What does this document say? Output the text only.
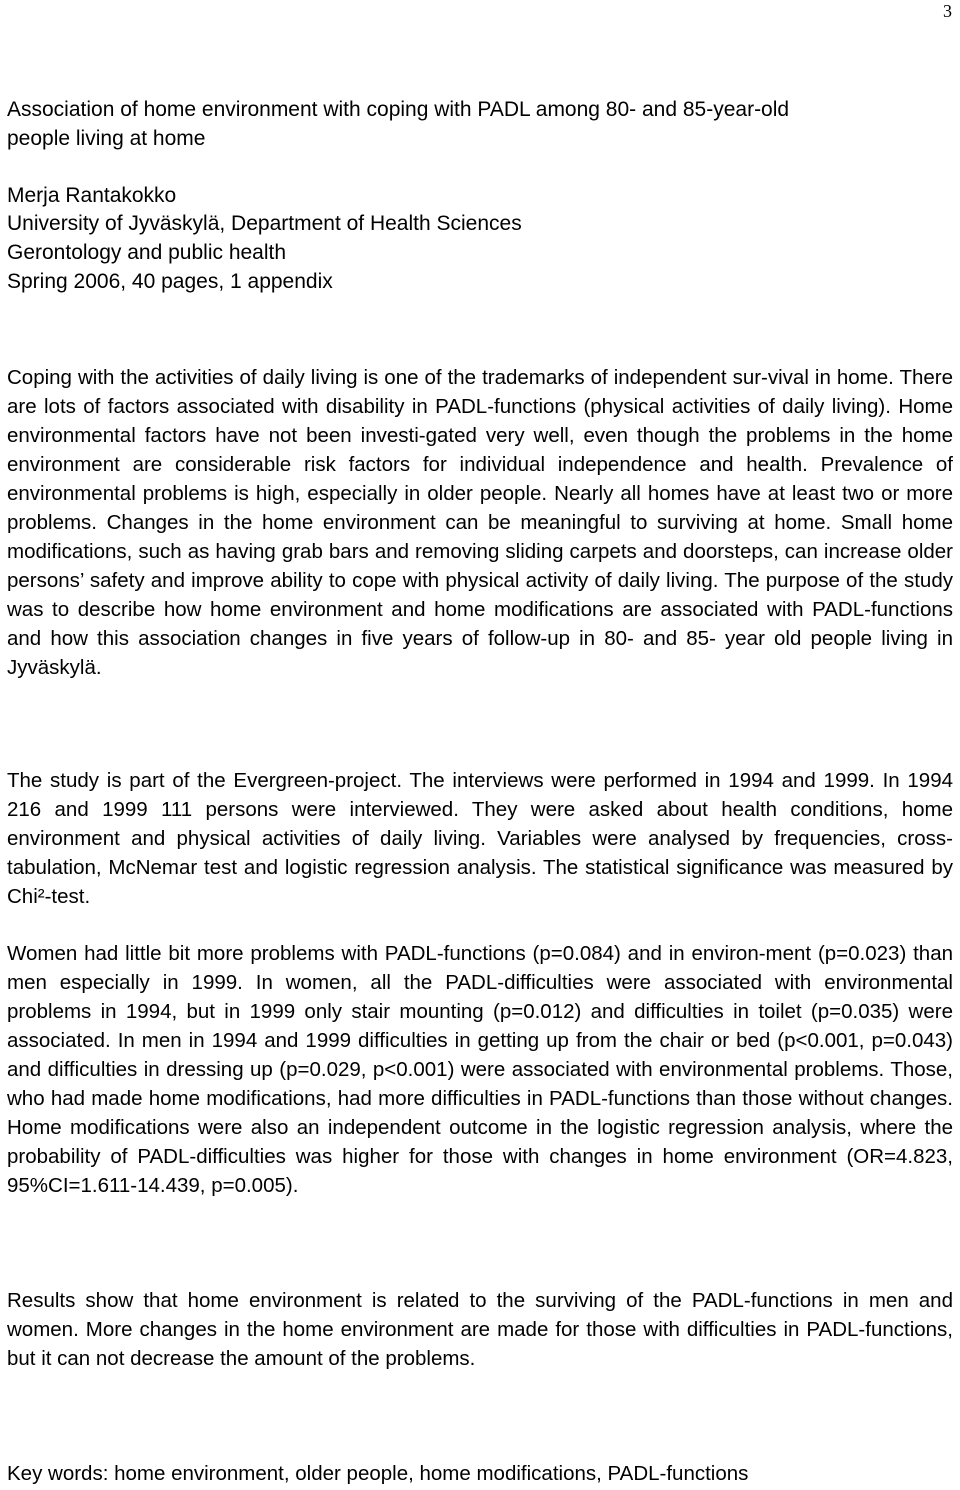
3
Association of home environment with coping with PADL among 80- and 85-year-old
people living at home
Merja Rantakokko
University of Jyväskylä, Department of Health Sciences
Gerontology and public health
Spring 2006, 40 pages, 1 appendix

Coping with the activities of daily living is one of the trademarks of independent sur-vival in home. There are lots of factors associated with disability in PADL-functions (physical activities of daily living). Home environmental factors have not been investi-gated very well, even though the problems in the home environment are considerable risk factors for individual independence and health. Prevalence of environmental problems is high, especially in older people. Nearly all homes have at least two or more problems. Changes in the home environment can be meaningful to surviving at home. Small home modifications, such as having grab bars and removing sliding carpets and doorsteps, can increase older persons’ safety and improve ability to cope with physical activity of daily living. The purpose of the study was to describe how home environment and home modifications are associated with PADL-functions and how this association changes in five years of follow-up in 80- and 85- year old people living in Jyväskylä.

The study is part of the Evergreen-project. The interviews were performed in 1994 and 1999. In 1994 216 and 1999 111 persons were interviewed. They were asked about health conditions, home environment and physical activities of daily living. Variables were analysed by frequencies, cross-tabulation, McNemar test and logistic regression analysis. The statistical significance was measured by Chi²-test.

Women had little bit more problems with PADL-functions (p=0.084) and in environ-ment (p=0.023) than men especially in 1999. In women, all the PADL-difficulties were associated with environmental problems in 1994, but in 1999 only stair mounting (p=0.012) and difficulties in toilet (p=0.035) were associated. In men in 1994 and 1999 difficulties in getting up from the chair or bed (p<0.001, p=0.043) and difficulties in dressing up (p=0.029, p<0.001) were associated with environmental problems. Those, who had made home modifications, had more difficulties in PADL-functions than those without changes. Home modifications were also an independent outcome in the logistic regression analysis, where the probability of PADL-difficulties was higher for those with changes in home environment (OR=4.823, 95%CI=1.611-14.439, p=0.005).

Results show that home environment is related to the surviving of the PADL-functions in men and women. More changes in the home environment are made for those with difficulties in PADL-functions, but it can not decrease the amount of the problems.

Key words: home environment, older people, home modifications, PADL-functions
